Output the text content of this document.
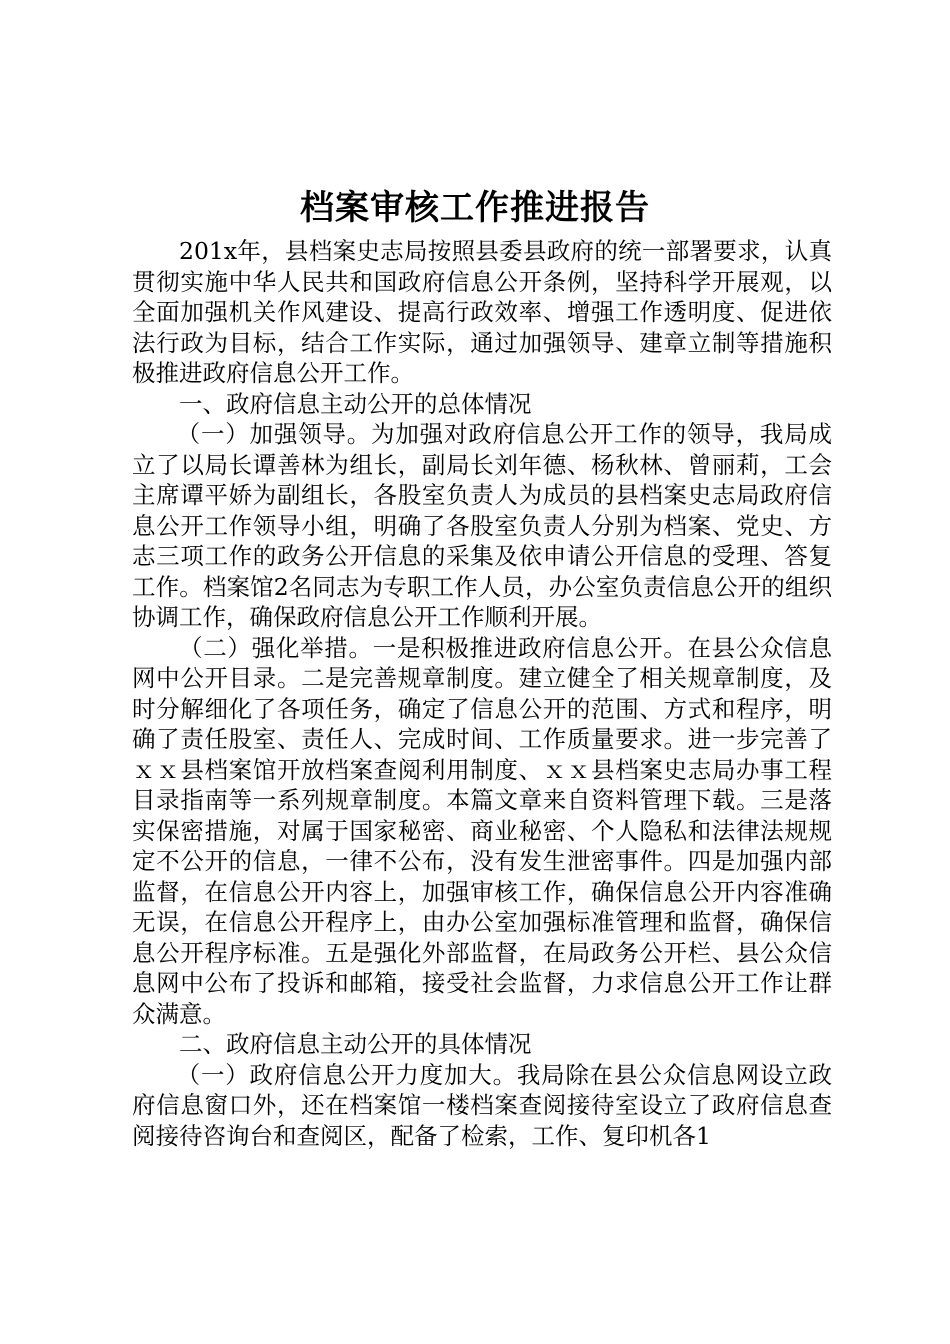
档案审核工作推进报告

201x年，县档案史志局按照县委县政府的统一部署要求，认真贯彻实施中华人民共和国政府信息公开条例，坚持科学开展观，以全面加强机关作风建设、提高行政效率、增强工作透明度、促进依法行政为目标，结合工作实际，通过加强领导、建章立制等措施积极推进政府信息公开工作。

一、政府信息主动公开的总体情况

（一）加强领导。为加强对政府信息公开工作的领导，我局成立了以局长谭善林为组长，副局长刘年德、杨秋林、曾丽莉，工会主席谭平娇为副组长，各股室负责人为成员的县档案史志局政府信息公开工作领导小组，明确了各股室负责人分别为档案、党史、方志三项工作的政务公开信息的采集及依申请公开信息的受理、答复工作。档案馆2名同志为专职工作人员，办公室负责信息公开的组织协调工作，确保政府信息公开工作顺利开展。

（二）强化举措。一是积极推进政府信息公开。在县公众信息网中公开目录。二是完善规章制度。建立健全了相关规章制度，及时分解细化了各项任务，确定了信息公开的范围、方式和程序，明确了责任股室、责任人、完成时间、工作质量要求。进一步完善了ｘｘ县档案馆开放档案查阅利用制度、ｘｘ县档案史志局办事工程目录指南等一系列规章制度。本篇文章来自资料管理下载。三是落实保密措施，对属于国家秘密、商业秘密、个人隐私和法律法规规定不公开的信息，一律不公布，没有发生泄密事件。四是加强内部监督，在信息公开内容上，加强审核工作，确保信息公开内容准确无误，在信息公开程序上，由办公室加强标准管理和监督，确保信息公开程序标准。五是强化外部监督，在局政务公开栏、县公众信息网中公布了投诉和邮箱，接受社会监督，力求信息公开工作让群众满意。

二、政府信息主动公开的具体情况

（一）政府信息公开力度加大。我局除在县公众信息网设立政府信息窗口外，还在档案馆一楼档案查阅接待室设立了政府信息查阅接待咨询台和查阅区，配备了检索，工作、复印机各1
